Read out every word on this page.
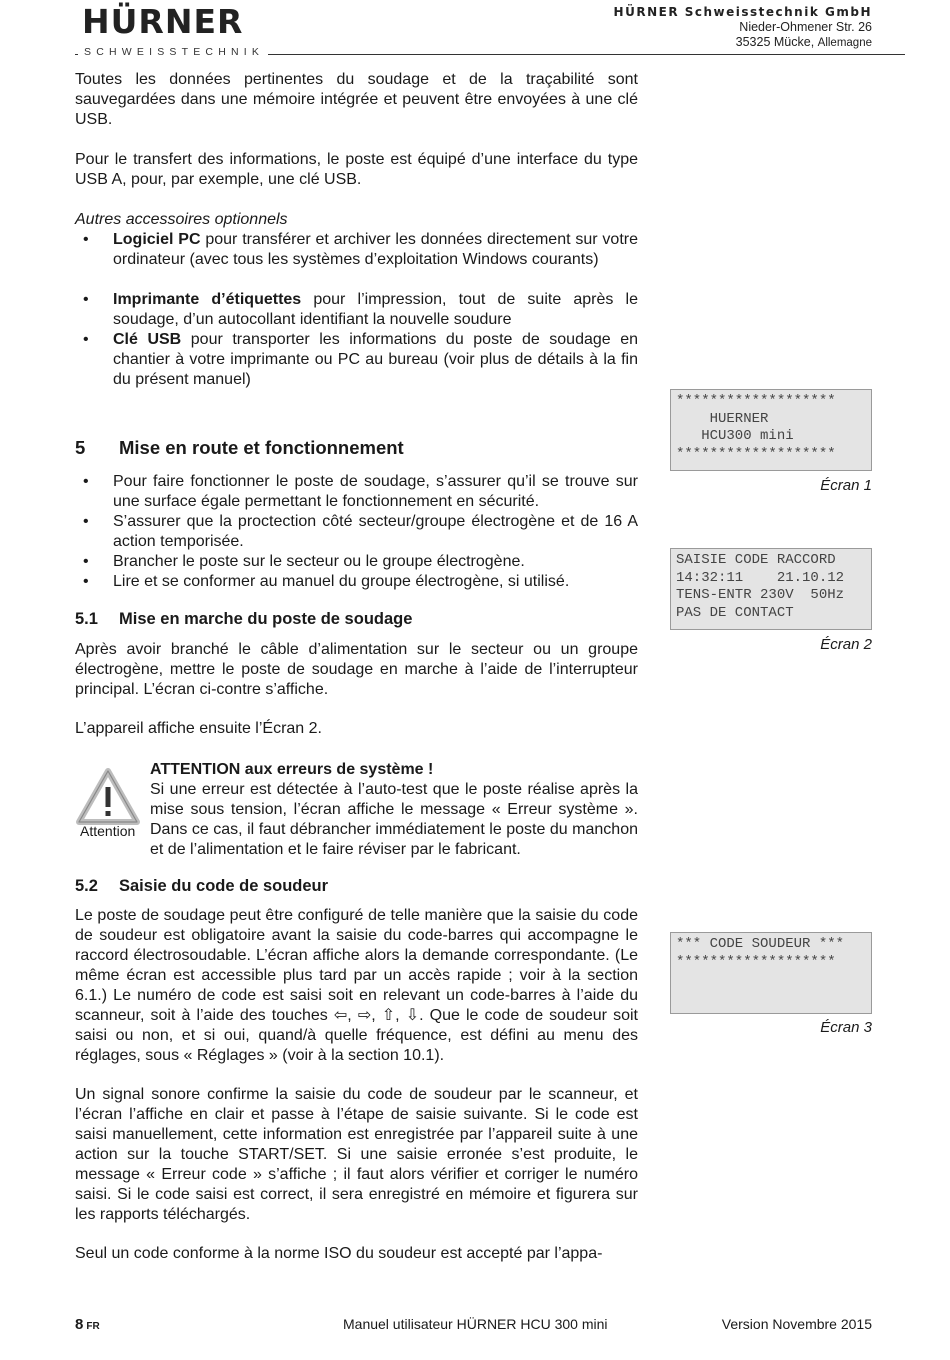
HÜRNER
SCHWEISSTECHNIK
HÜRNER Schweisstechnik GmbH
Nieder-Ohmener Str. 26
35325 Mücke, Allemagne
Toutes les données pertinentes du soudage et de la traçabilité sont sauvegardées dans une mémoire intégrée et peuvent être envoyées à une clé USB.
Pour le transfert des informations, le poste est équipé d’une interface du type USB A, pour, par exemple, une clé USB.
Autres accessoires optionnels
• Logiciel PC pour transférer et archiver les données directement sur votre ordinateur (avec tous les systèmes d’exploitation Windows courants)
• Imprimante d’étiquettes pour l’impression, tout de suite après le soudage, d’un autocollant identifiant la nouvelle soudure
• Clé USB pour transporter les informations du poste de soudage en chantier à votre imprimante ou PC au bureau (voir plus de détails à la fin du présent manuel)
5 Mise en route et fonctionnement
• Pour faire fonctionner le poste de soudage, s’assurer qu’il se trouve sur une surface égale permettant le fonctionnement en sécurité.
• S’assurer que la proctection côté secteur/groupe électrogène et de 16 A action temporisée.
• Brancher le poste sur le secteur ou le groupe électrogène.
• Lire et se conformer au manuel du groupe électrogène, si utilisé.
5.1 Mise en marche du poste de soudage
Après avoir branché le câble d’alimentation sur le secteur ou un groupe électrogène, mettre le poste de soudage en marche à l’aide de l’interrupteur principal. L’écran ci-contre s’affiche.
L’appareil affiche ensuite l’Écran 2.
Attention
ATTENTION aux erreurs de système !
Si une erreur est détectée à l’auto-test que le poste réalise après la mise sous tension, l’écran affiche le message « Erreur système ». Dans ce cas, il faut débrancher immédiatement le poste du manchon et de l’alimentation et le faire réviser par le fabricant.
5.2 Saisie du code de soudeur
Le poste de soudage peut être configuré de telle manière que la saisie du code de soudeur est obligatoire avant la saisie du code-barres qui accompagne le raccord électrosoudable. L’écran affiche alors la demande correspondante. (Le même écran est accessible plus tard par un accès rapide ; voir à la section 6.1.) Le numéro de code est saisi soit en relevant un code-barres à l’aide du scanneur, soit à l’aide des touches ⇦, ⇨, ⇧, ⇩. Que le code de soudeur soit saisi ou non, et si oui, quand/à quelle fréquence, est défini au menu des réglages, sous « Réglages » (voir à la section 10.1).
Un signal sonore confirme la saisie du code de soudeur par le scanneur, et l’écran l’affiche en clair et passe à l’étape de saisie suivante. Si le code est saisi manuellement, cette information est enregistrée par l’appareil suite à une action sur la touche START/SET. Si une saisie erronée s’est produite, le message « Erreur code » s’affiche ; il faut alors vérifier et corriger le numéro saisi. Si le code saisi est correct, il sera enregistré en mémoire et figurera sur les rapports téléchargés.
Seul un code conforme à la norme ISO du soudeur est accepté par l’appa-
*******************
HUERNER
HCU300 mini
*******************
Écran 1
SAISIE CODE RACCORD
14:32:11    21.10.12
TENS-ENTR 230V  50Hz
PAS DE CONTACT
Écran 2
*** CODE SOUDEUR ***
*******************

Écran 3
8 FR	Manuel utilisateur HÜRNER HCU 300 mini	Version Novembre 2015
